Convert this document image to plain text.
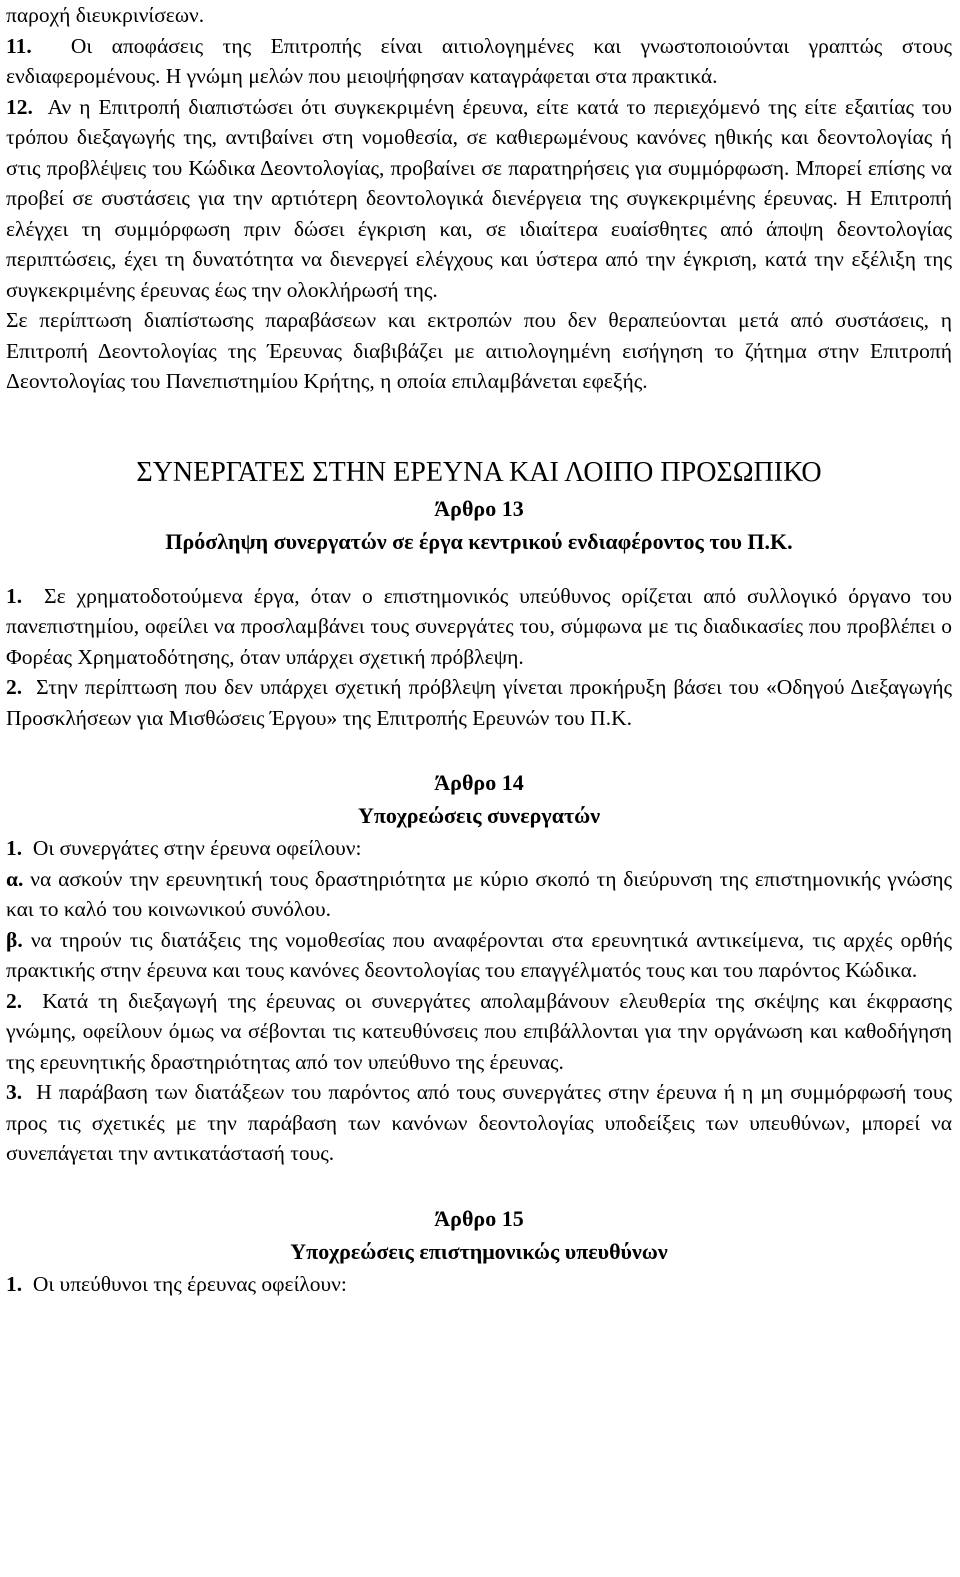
παροχή διευκρινίσεων.

11. Οι αποφάσεις της Επιτροπής είναι αιτιολογημένες και γνωστοποιούνται γραπτώς στους ενδιαφερομένους. Η γνώμη μελών που μειοψήφησαν καταγράφεται στα πρακτικά.

12. Αν η Επιτροπή διαπιστώσει ότι συγκεκριμένη έρευνα, είτε κατά το περιεχόμενό της είτε εξαιτίας του τρόπου διεξαγωγής της, αντιβαίνει στη νομοθεσία, σε καθιερωμένους κανόνες ηθικής και δεοντολογίας ή στις προβλέψεις του Κώδικα Δεοντολογίας, προβαίνει σε παρατηρήσεις για συμμόρφωση. Μπορεί επίσης να προβεί σε συστάσεις για την αρτιότερη δεοντολογικά διενέργεια της συγκεκριμένης έρευνας. Η Επιτροπή ελέγχει τη συμμόρφωση πριν δώσει έγκριση και, σε ιδιαίτερα ευαίσθητες από άποψη δεοντολογίας περιπτώσεις, έχει τη δυνατότητα να διενεργεί ελέγχους και ύστερα από την έγκριση, κατά την εξέλιξη της συγκεκριμένης έρευνας έως την ολοκλήρωσή της.

Σε περίπτωση διαπίστωσης παραβάσεων και εκτροπών που δεν θεραπεύονται μετά από συστάσεις, η Επιτροπή Δεοντολογίας της Έρευνας διαβιβάζει με αιτιολογημένη εισήγηση το ζήτημα στην Επιτροπή Δεοντολογίας του Πανεπιστημίου Κρήτης, η οποία επιλαμβάνεται εφεξής.

ΣΥΝΕΡΓΑΤΕΣ ΣΤΗΝ ΕΡΕΥΝΑ ΚΑΙ ΛΟΙΠΟ ΠΡΟΣΩΠΙΚΟ
Άρθρο 13
Πρόσληψη συνεργατών σε έργα κεντρικού ενδιαφέροντος του Π.Κ.

1. Σε χρηματοδοτούμενα έργα, όταν ο επιστημονικός υπεύθυνος ορίζεται από συλλογικό όργανο του πανεπιστημίου, οφείλει να προσλαμβάνει τους συνεργάτες του, σύμφωνα με τις διαδικασίες που προβλέπει ο Φορέας Χρηματοδότησης, όταν υπάρχει σχετική πρόβλεψη.

2. Στην περίπτωση που δεν υπάρχει σχετική πρόβλεψη γίνεται προκήρυξη βάσει του «Οδηγού Διεξαγωγής Προσκλήσεων για Μισθώσεις Έργου» της Επιτροπής Ερευνών του Π.Κ.

Άρθρο 14
Υποχρεώσεις συνεργατών

1. Οι συνεργάτες στην έρευνα οφείλουν:

α. να ασκούν την ερευνητική τους δραστηριότητα με κύριο σκοπό τη διεύρυνση της επιστημονικής γνώσης και το καλό του κοινωνικού συνόλου.

β. να τηρούν τις διατάξεις της νομοθεσίας που αναφέρονται στα ερευνητικά αντικείμενα, τις αρχές ορθής πρακτικής στην έρευνα και τους κανόνες δεοντολογίας του επαγγέλματός τους και του παρόντος Κώδικα.

2. Κατά τη διεξαγωγή της έρευνας οι συνεργάτες απολαμβάνουν ελευθερία της σκέψης και έκφρασης γνώμης, οφείλουν όμως να σέβονται τις κατευθύνσεις που επιβάλλονται για την οργάνωση και καθοδήγηση της ερευνητικής δραστηριότητας από τον υπεύθυνο της έρευνας.

3. Η παράβαση των διατάξεων του παρόντος από τους συνεργάτες στην έρευνα ή η μη συμμόρφωσή τους προς τις σχετικές με την παράβαση των κανόνων δεοντολογίας υποδείξεις των υπευθύνων, μπορεί να συνεπάγεται την αντικατάστασή τους.

Άρθρο 15
Υποχρεώσεις επιστημονικώς υπευθύνων

1. Οι υπεύθυνοι της έρευνας οφείλουν:
